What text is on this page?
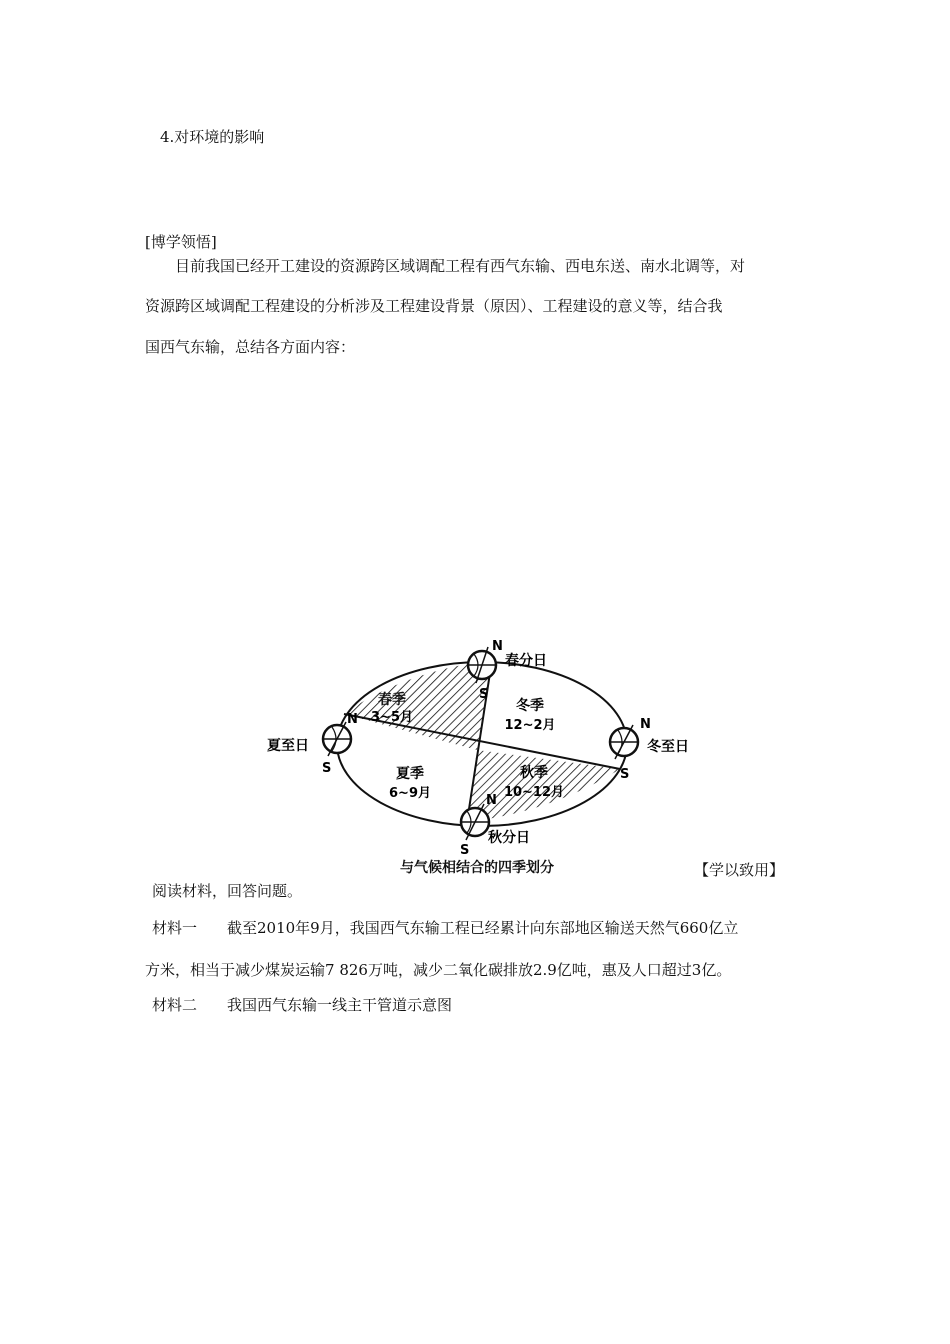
4.对环境的影响
[博学领悟]
目前我国已经开工建设的资源跨区域调配工程有西气东输、西电东送、南水北调等，对
资源跨区域调配工程建设的分析涉及工程建设背景（原因）、工程建设的意义等，结合我
国西气东输，总结各方面内容：
春分日
夏至日	冬至日
秋分日
春季
3~5月
冬季
12~2月
夏季
6~9月
秋季
10~12月
N
S
N
S
N
S
N
S
与气候相结合的四季划分	【学以致用】
阅读材料，回答问题。
材料一　　截至2010年9月，我国西气东输工程已经累计向东部地区输送天然气660亿立
方米，相当于减少煤炭运输7 826万吨，减少二氧化碳排放2.9亿吨，惠及人口超过3亿。
材料二　　我国西气东输一线主干管道示意图
